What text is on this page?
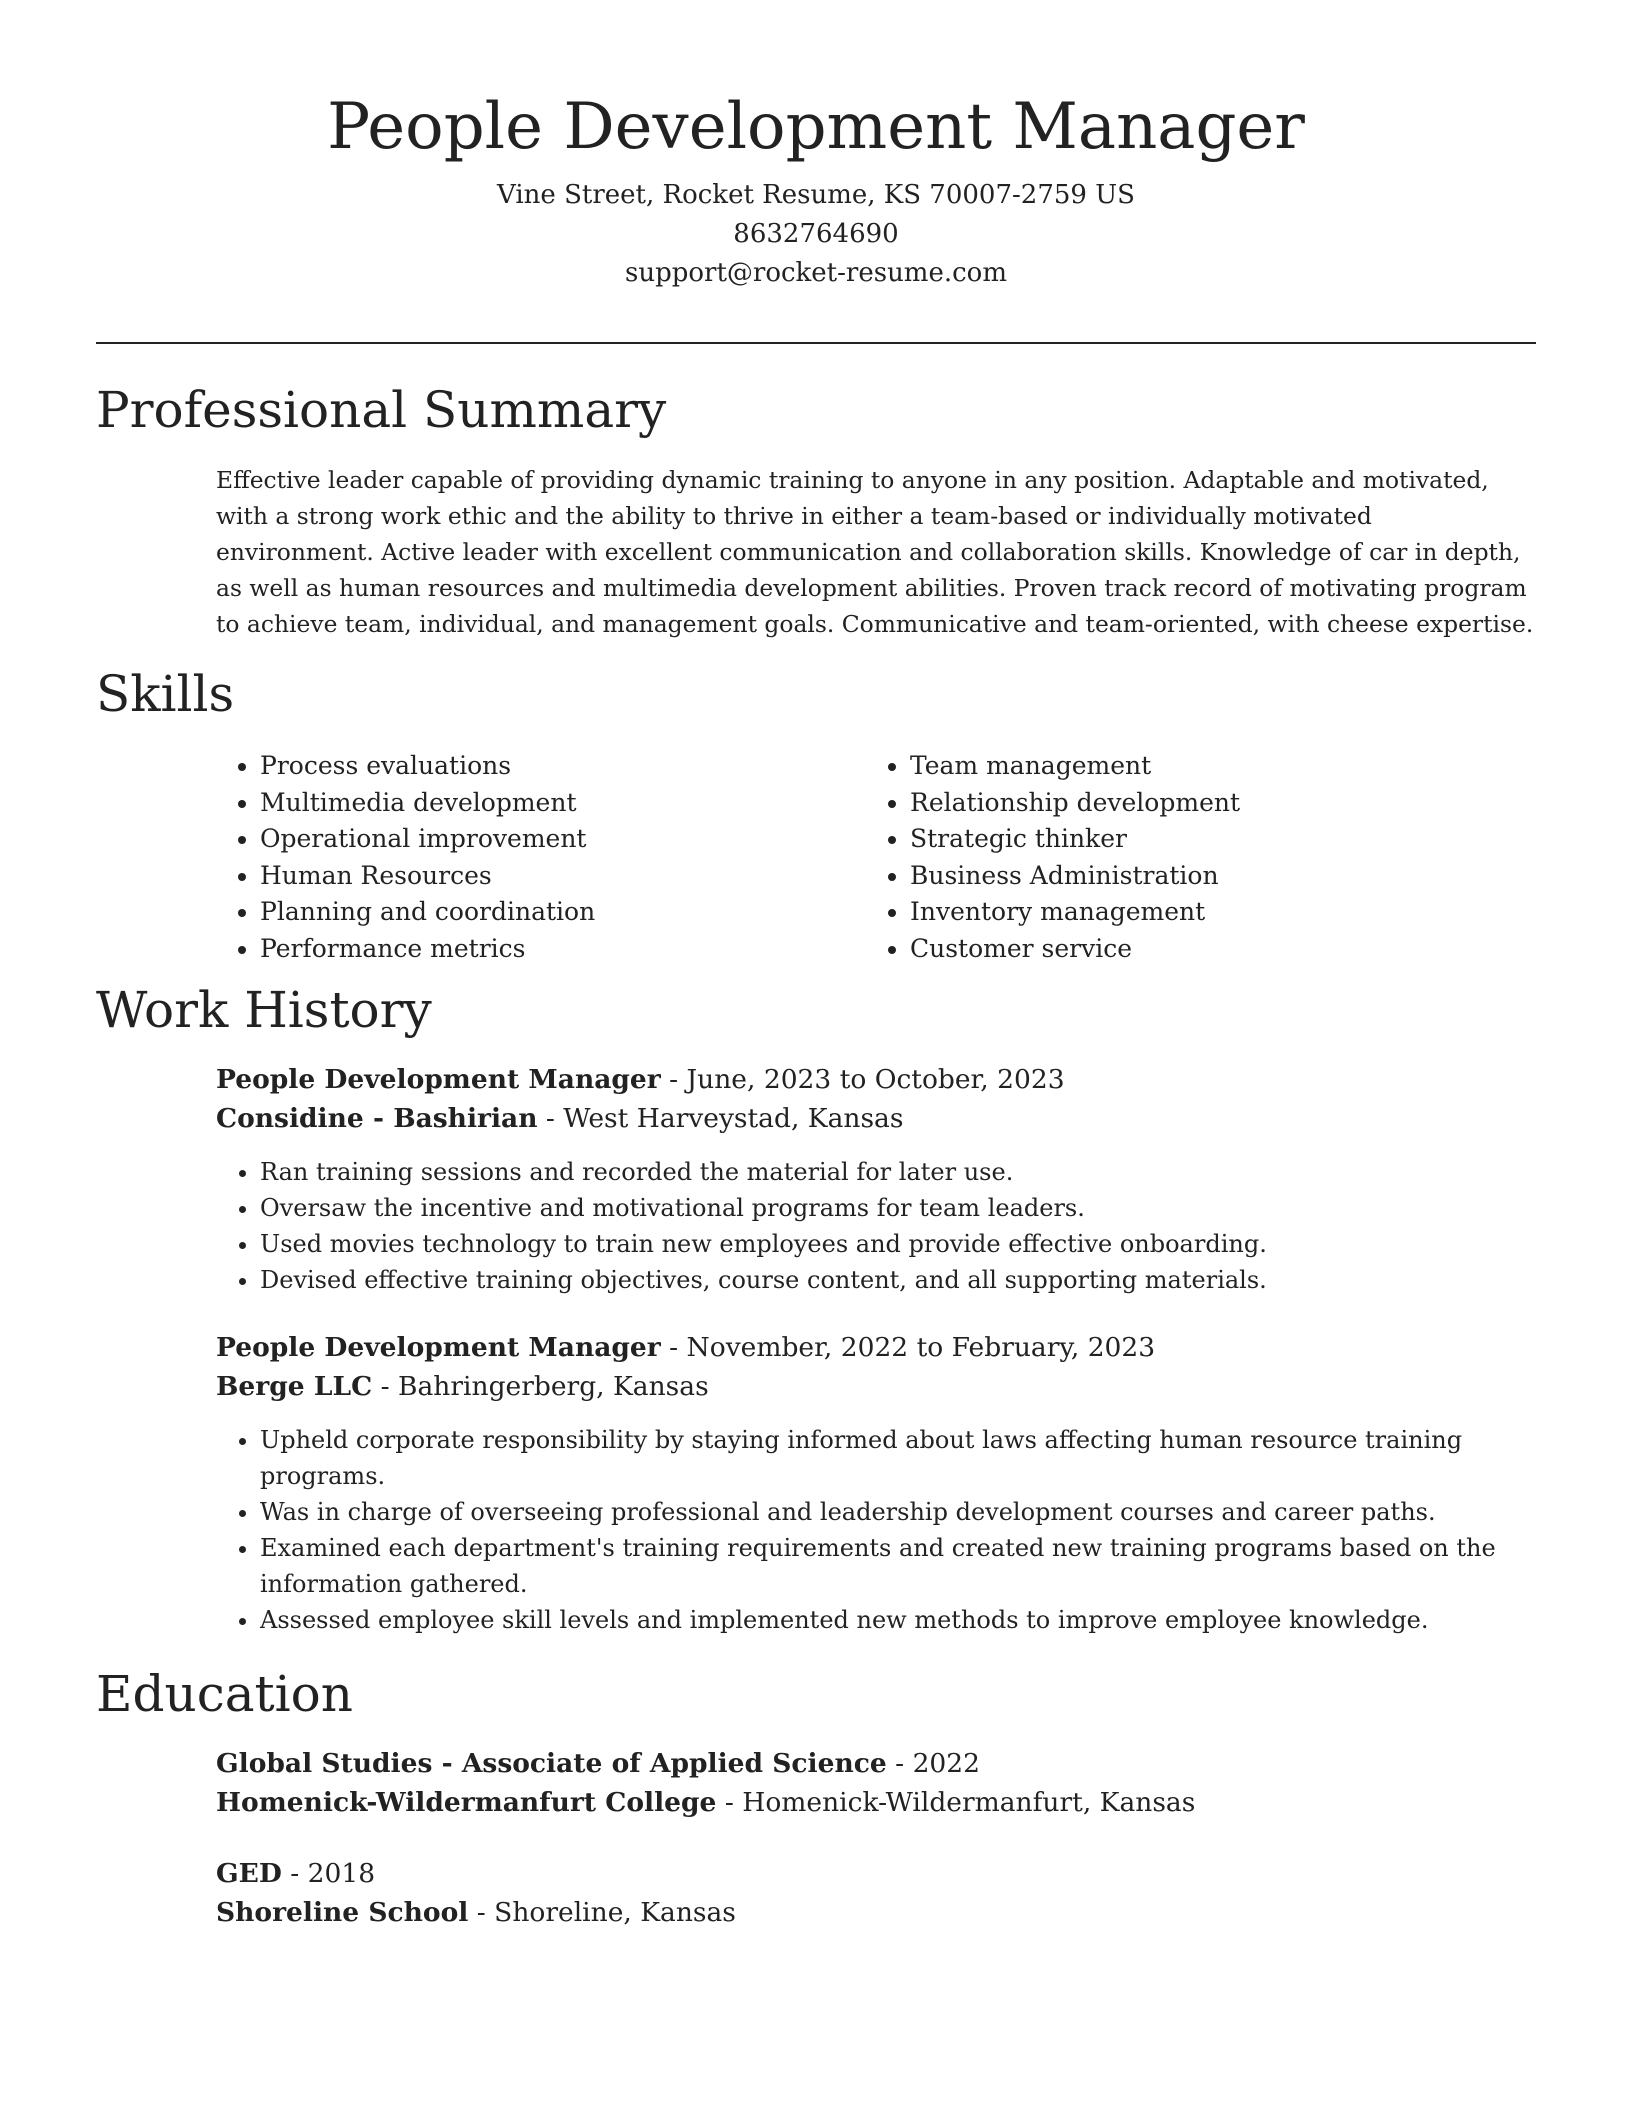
People Development Manager
Vine Street, Rocket Resume, KS 70007-2759 US
8632764690
support@rocket-resume.com
Professional Summary

Effective leader capable of providing dynamic training to anyone in any position. Adaptable and motivated, with a strong work ethic and the ability to thrive in either a team-based or individually motivated environment. Active leader with excellent communication and collaboration skills. Knowledge of car in depth, as well as human resources and multimedia development abilities. Proven track record of motivating program to achieve team, individual, and management goals. Communicative and team-oriented, with cheese expertise.

Skills
• Process evaluations
• Multimedia development
• Operational improvement
• Human Resources
• Planning and coordination
• Performance metrics
• Team management
• Relationship development
• Strategic thinker
• Business Administration
• Inventory management
• Customer service
Work History
People Development Manager - June, 2023 to October, 2023
Considine - Bashirian - West Harveystad, Kansas
• Ran training sessions and recorded the material for later use.
• Oversaw the incentive and motivational programs for team leaders.
• Used movies technology to train new employees and provide effective onboarding.
• Devised effective training objectives, course content, and all supporting materials.
People Development Manager - November, 2022 to February, 2023
Berge LLC - Bahringerberg, Kansas
• Upheld corporate responsibility by staying informed about laws affecting human resource training programs.
• Was in charge of overseeing professional and leadership development courses and career paths.
• Examined each department's training requirements and created new training programs based on the information gathered.
• Assessed employee skill levels and implemented new methods to improve employee knowledge.
Education
Global Studies - Associate of Applied Science - 2022
Homenick-Wildermanfurt College - Homenick-Wildermanfurt, Kansas
GED - 2018
Shoreline School - Shoreline, Kansas
